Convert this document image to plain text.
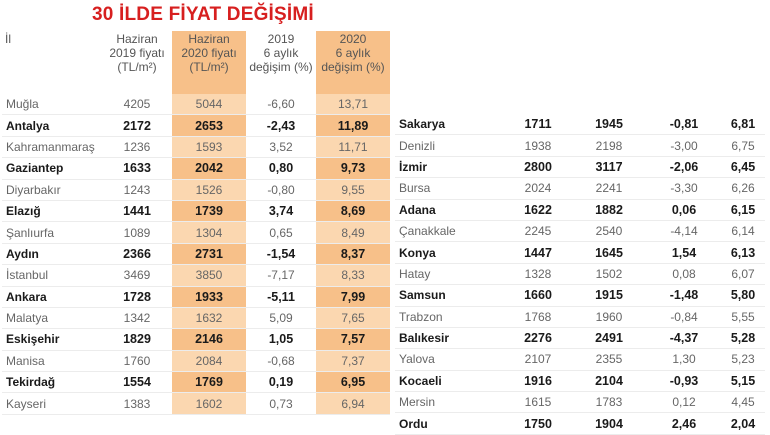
30 İLDE FİYAT DEĞİŞİMİ
İl	Haziran
2019 fiyatı
(TL/m²)	Haziran
2020 fiyatı
(TL/m²)	2019
6 aylık
değişim (%)	2020
6 aylık
değişim (%)
Muğla	4205	5044	-6,60	13,71
Antalya	2172	2653	-2,43	11,89
Kahramanmaraş	1236	1593	3,52	11,71
Gaziantep	1633	2042	0,80	9,73
Diyarbakır	1243	1526	-0,80	9,55
Elazığ	1441	1739	3,74	8,69
Şanlıurfa	1089	1304	0,65	8,49
Aydın	2366	2731	-1,54	8,37
İstanbul	3469	3850	-7,17	8,33
Ankara	1728	1933	-5,11	7,99
Malatya	1342	1632	5,09	7,65
Eskişehir	1829	2146	1,05	7,57
Manisa	1760	2084	-0,68	7,37
Tekirdağ	1554	1769	0,19	6,95
Kayseri	1383	1602	0,73	6,94

Sakarya	1711	1945	-0,81	6,81
Denizli	1938	2198	-3,00	6,75
İzmir	2800	3117	-2,06	6,45
Bursa	2024	2241	-3,30	6,26
Adana	1622	1882	0,06	6,15
Çanakkale	2245	2540	-4,14	6,14
Konya	1447	1645	1,54	6,13
Hatay	1328	1502	0,08	6,07
Samsun	1660	1915	-1,48	5,80
Trabzon	1768	1960	-0,84	5,55
Balıkesir	2276	2491	-4,37	5,28
Yalova	2107	2355	1,30	5,23
Kocaeli	1916	2104	-0,93	5,15
Mersin	1615	1783	0,12	4,45
Ordu	1750	1904	2,46	2,04
